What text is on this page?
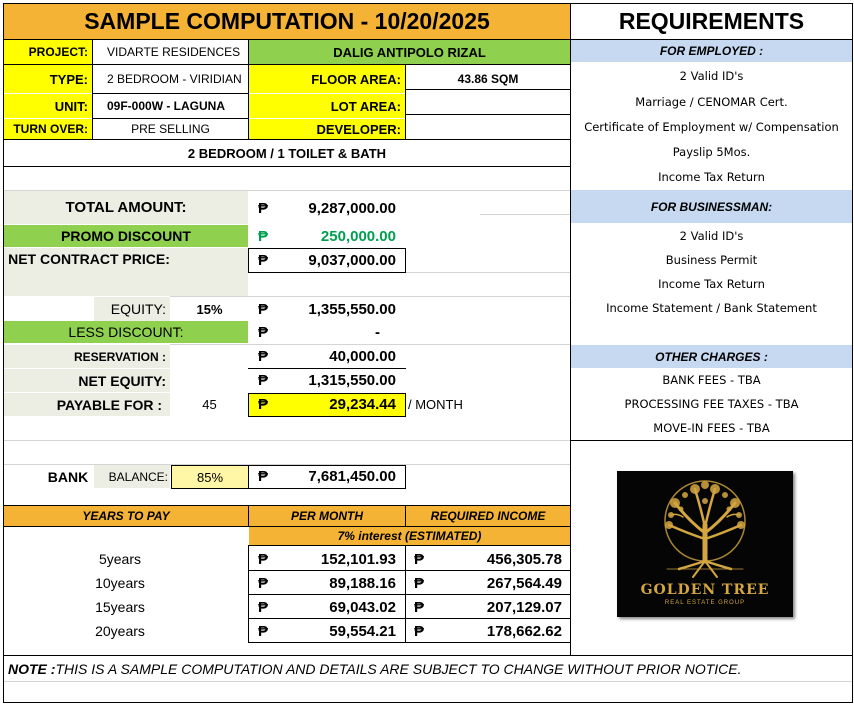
SAMPLE COMPUTATION - 10/20/2025	REQUIREMENTS
PROJECT:	VIDARTE RESIDENCES	DALIG ANTIPOLO RIZAL
TYPE:	2 BEDROOM - VIRIDIAN	FLOOR AREA:	43.86 SQM
UNIT:	09F-000W - LAGUNA	LOT AREA:
TURN OVER:	PRE SELLING	DEVELOPER:
2 BEDROOM / 1 TOILET & BATH
TOTAL AMOUNT:	₱	9,287,000.00
PROMO DISCOUNT	₱	250,000.00
NET CONTRACT PRICE:	₱	9,037,000.00
EQUITY:	15%	₱	1,355,550.00
LESS DISCOUNT:	₱	-
RESERVATION :	₱	40,000.00
NET EQUITY:	₱	1,315,550.00
PAYABLE FOR :	45	₱	29,234.44 / MONTH
BANK	BALANCE:	85%	₱	7,681,450.00
YEARS TO PAY	PER MONTH	REQUIRED INCOME
7% interest (ESTIMATED)
5years	₱	152,101.93 ₱	456,305.78
10years	₱	89,188.16 ₱	267,564.49
15years	₱	69,043.02 ₱	207,129.07
20years	₱	59,554.21 ₱	178,662.62
FOR EMPLOYED :
2 Valid ID's
Marriage / CENOMAR Cert.
Certificate of Employment w/ Compensation
Payslip 5Mos.
Income Tax Return
FOR BUSINESSMAN:
2 Valid ID's
Business Permit
Income Tax Return
Income Statement / Bank Statement
OTHER CHARGES :
BANK FEES - TBA
PROCESSING FEE TAXES - TBA
MOVE-IN FEES - TBA
GOLDEN TREE
REAL ESTATE GROUP
NOTE : THIS IS A SAMPLE COMPUTATION AND DETAILS ARE SUBJECT TO CHANGE WITHOUT PRIOR NOTICE.
